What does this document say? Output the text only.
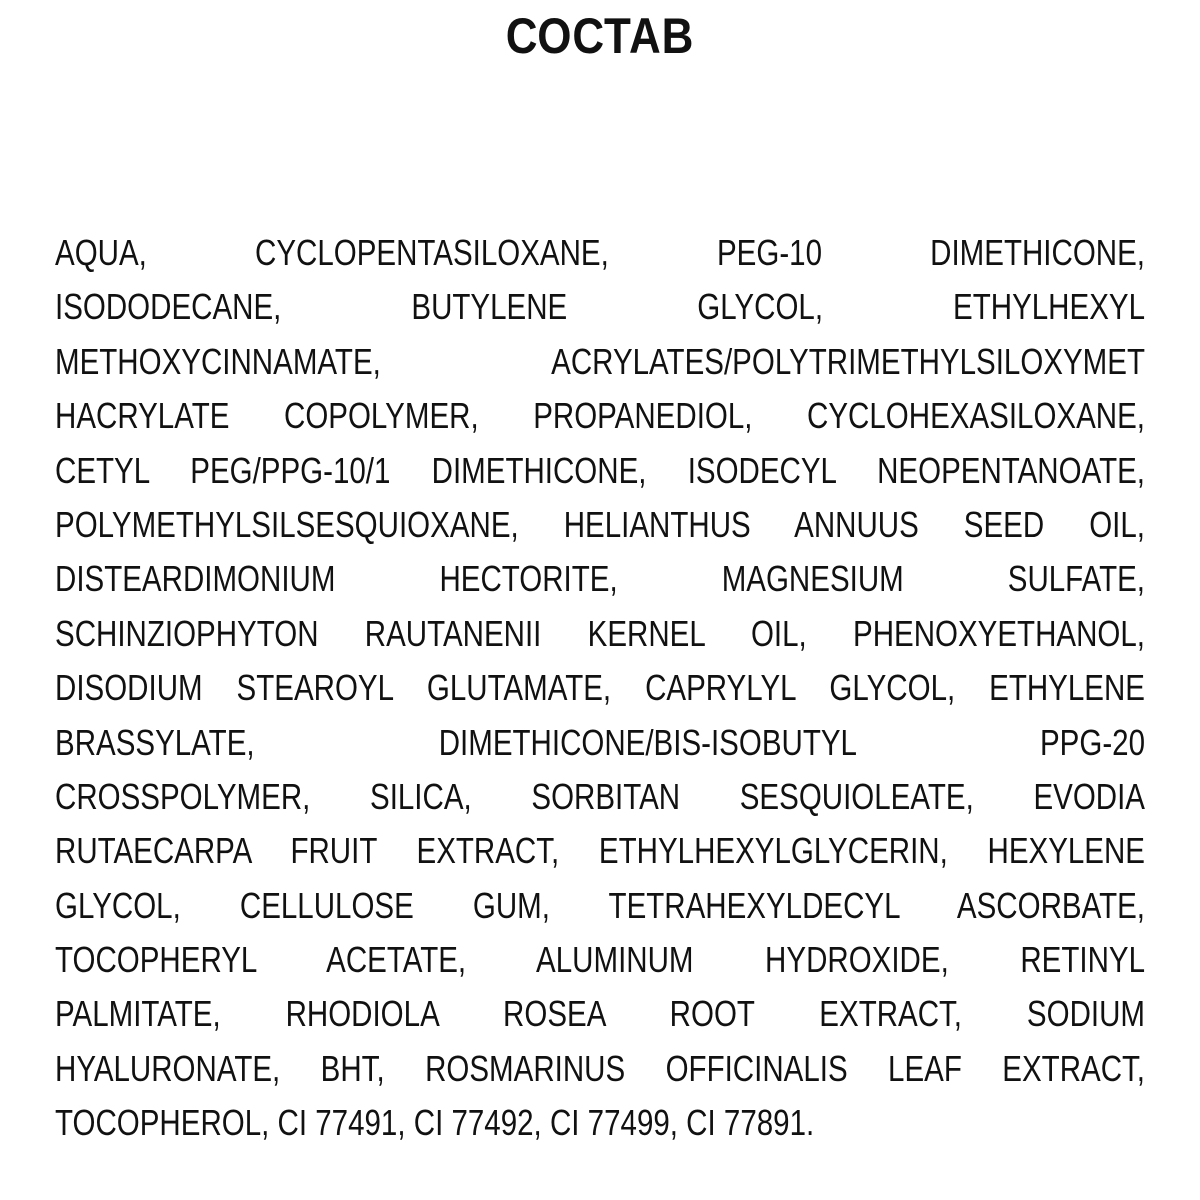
СОСТАВ
AQUA, CYCLOPENTASILOXANE, PEG-10 DIMETHICONE,
ISODODECANE, BUTYLENE GLYCOL, ETHYLHEXYL
METHOXYCINNAMATE, ACRYLATES/POLYTRIMETHYLSILOXYMET
HACRYLATE COPOLYMER, PROPANEDIOL, CYCLOHEXASILOXANE,
CETYL PEG/PPG-10/1 DIMETHICONE, ISODECYL NEOPENTANOATE,
POLYMETHYLSILSESQUIOXANE, HELIANTHUS ANNUUS SEED OIL,
DISTEARDIMONIUM HECTORITE, MAGNESIUM SULFATE,
SCHINZIOPHYTON RAUTANENII KERNEL OIL, PHENOXYETHANOL,
DISODIUM STEAROYL GLUTAMATE, CAPRYLYL GLYCOL, ETHYLENE
BRASSYLATE, DIMETHICONE/BIS-ISOBUTYL PPG-20
CROSSPOLYMER, SILICA, SORBITAN SESQUIOLEATE, EVODIA
RUTAECARPA FRUIT EXTRACT, ETHYLHEXYLGLYCERIN, HEXYLENE
GLYCOL, CELLULOSE GUM, TETRAHEXYLDECYL ASCORBATE,
TOCOPHERYL ACETATE, ALUMINUM HYDROXIDE, RETINYL
PALMITATE, RHODIOLA ROSEA ROOT EXTRACT, SODIUM
HYALURONATE, BHT, ROSMARINUS OFFICINALIS LEAF EXTRACT,
TOCOPHEROL, CI 77491, CI 77492, CI 77499, CI 77891.
